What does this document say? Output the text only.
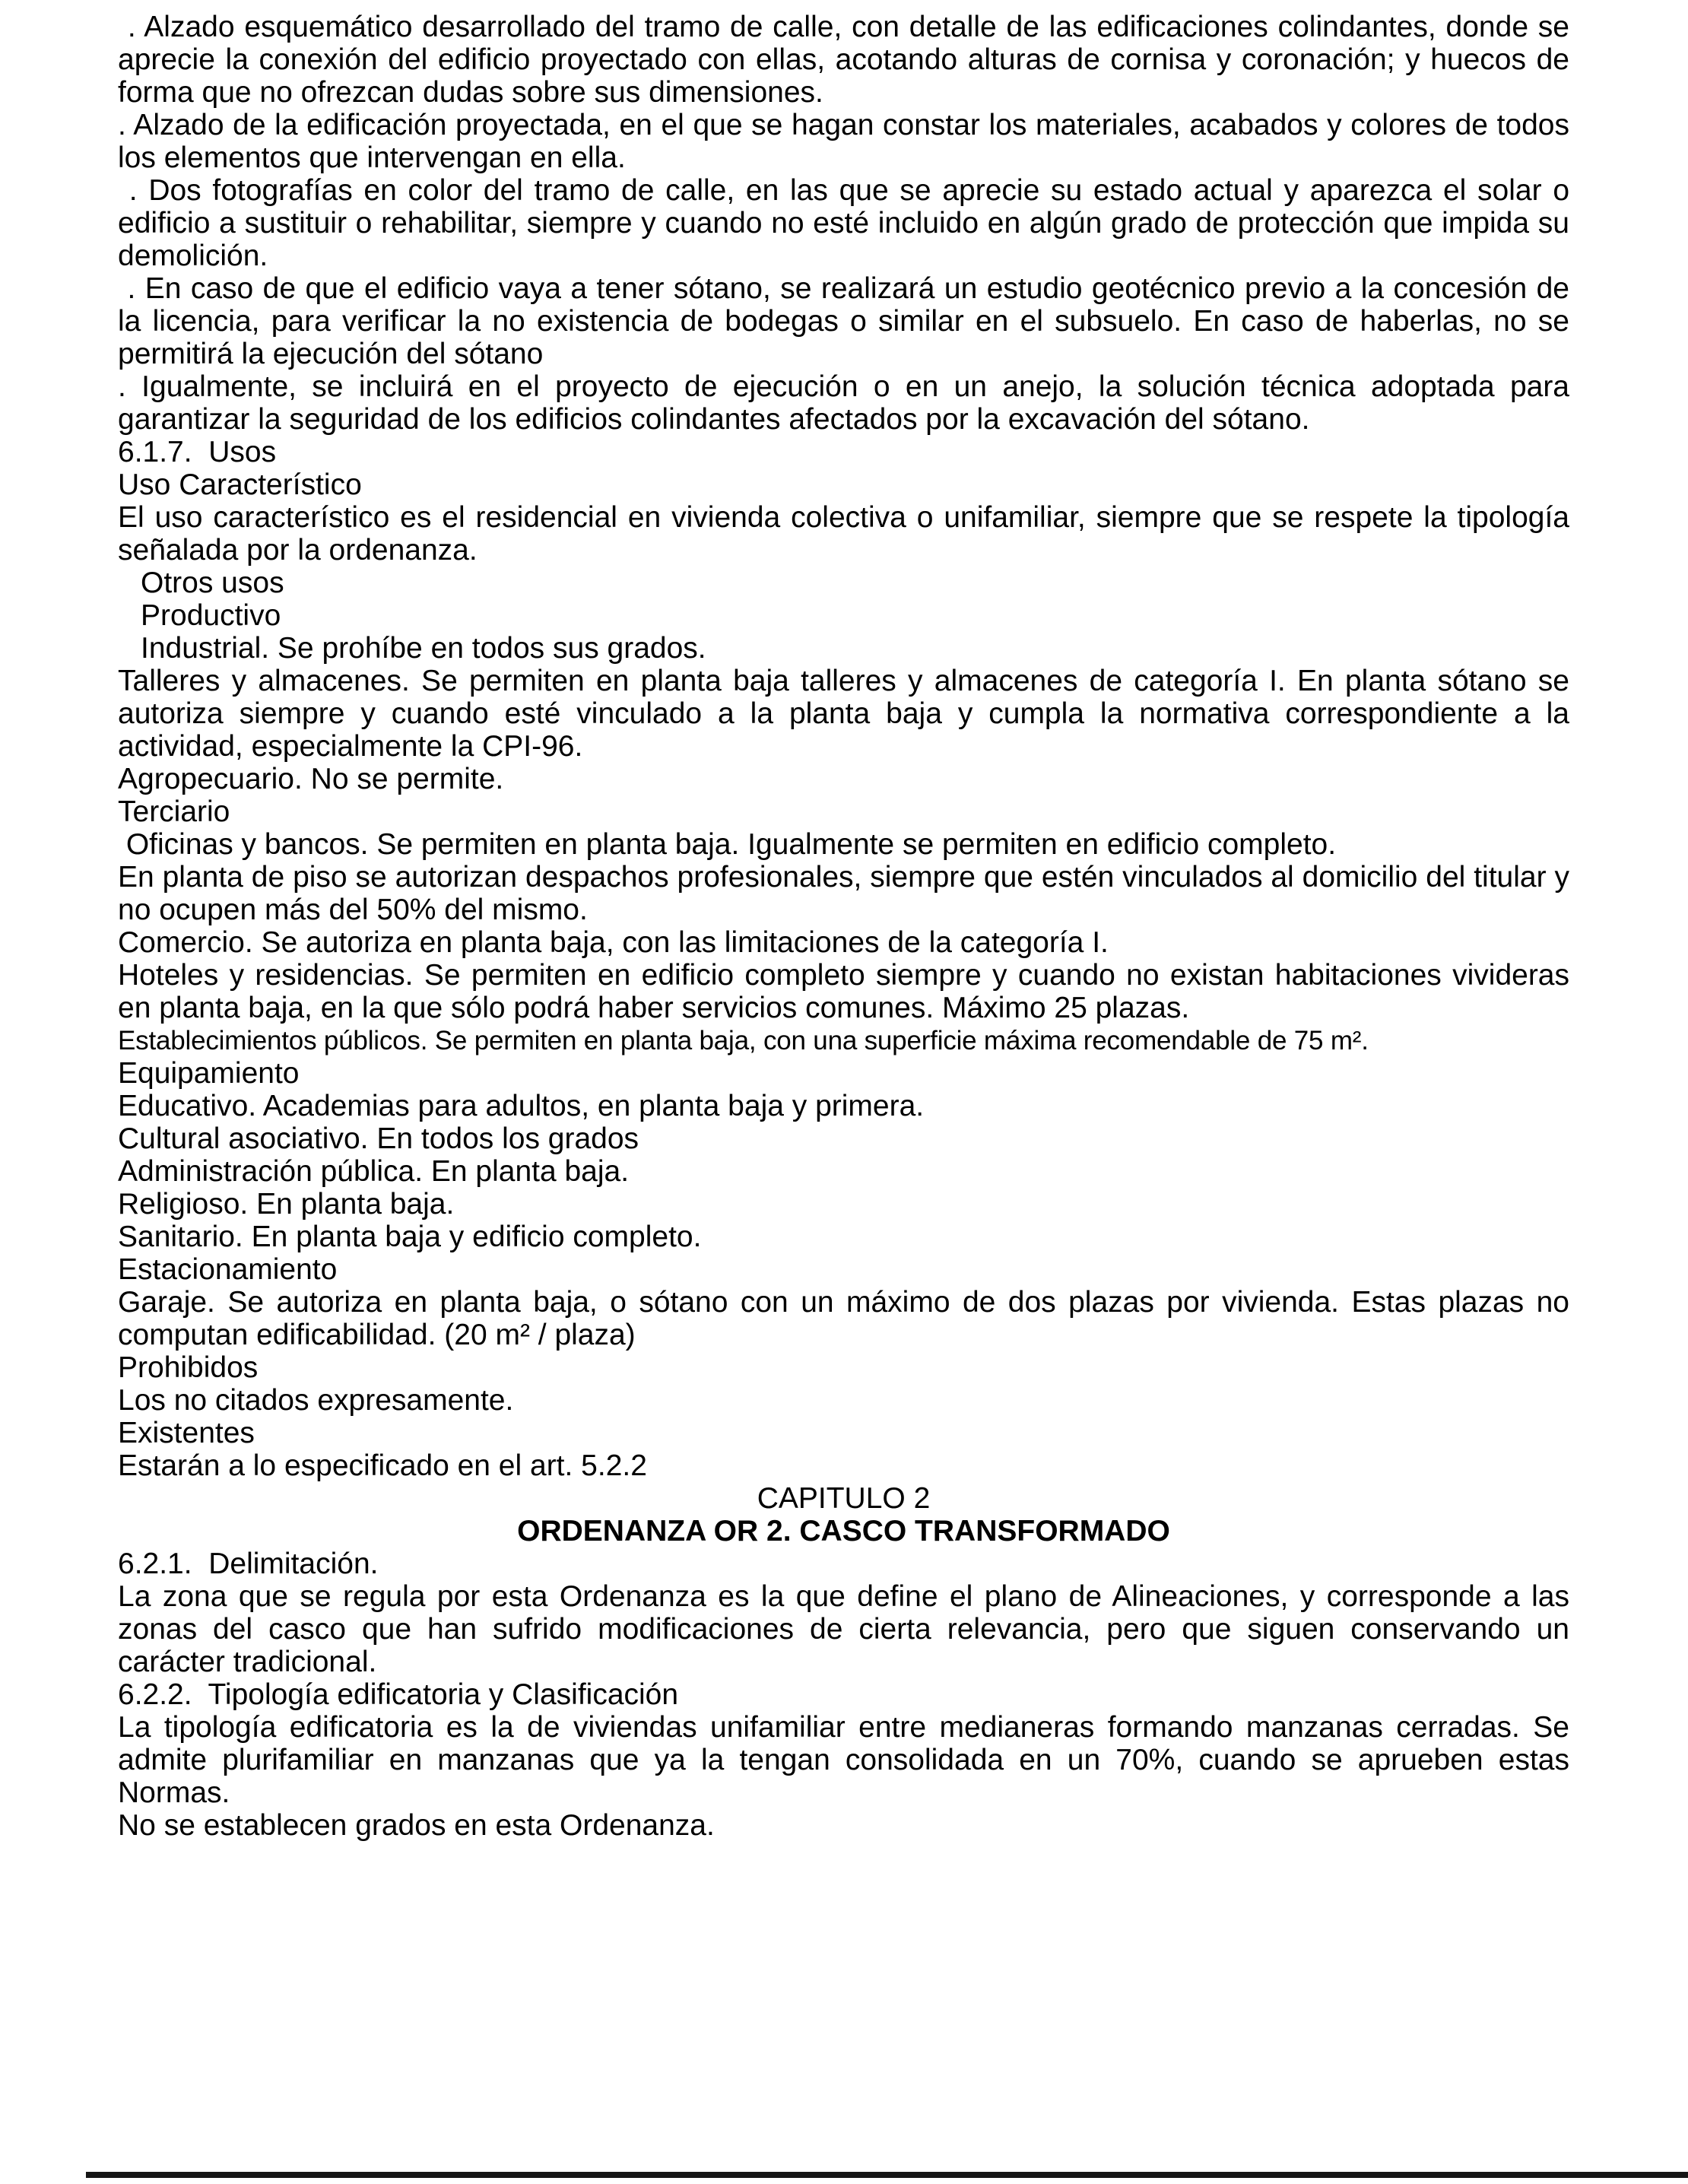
. Alzado esquemático desarrollado del tramo de calle, con detalle de las edificaciones colindantes, donde se aprecie la conexión del edificio proyectado con ellas, acotando alturas de cornisa y coronación; y huecos de forma que no ofrezcan dudas sobre sus dimensiones.

. Alzado de la edificación proyectada, en el que se hagan constar los materiales, acabados y colores de todos los elementos que intervengan en ella.

. Dos fotografías en color del tramo de calle, en las que se aprecie su estado actual y aparezca el solar o edificio a sustituir o rehabilitar, siempre y cuando no esté incluido en algún grado de protección que impida su demolición.

. En caso de que el edificio vaya a tener sótano, se realizará un estudio geotécnico previo a la concesión de la licencia, para verificar la no existencia de bodegas o similar en el subsuelo. En caso de haberlas, no se permitirá la ejecución del sótano

. Igualmente, se incluirá en el proyecto de ejecución o en un anejo, la solución técnica adoptada para garantizar la seguridad de los edificios colindantes afectados por la excavación del sótano.

6.1.7.  Usos

Uso Característico

El uso característico es el residencial en vivienda colectiva o unifamiliar, siempre que se respete la tipología señalada por la ordenanza.

Otros usos

Productivo

Industrial. Se prohíbe en todos sus grados.

Talleres y almacenes. Se permiten en planta baja talleres y almacenes de categoría I. En planta sótano se autoriza siempre y cuando esté vinculado a la planta baja y cumpla la normativa correspondiente a la actividad, especialmente la CPI-96.

Agropecuario. No se permite.

Terciario

Oficinas y bancos. Se permiten en planta baja. Igualmente se permiten en edificio completo.

En planta de piso se autorizan despachos profesionales, siempre que estén vinculados al domicilio del titular y no ocupen más del 50% del mismo.

Comercio. Se autoriza en planta baja, con las limitaciones de la categoría I.

Hoteles y residencias. Se permiten en edificio completo siempre y cuando no existan habitaciones vivideras en planta baja, en la que sólo podrá haber servicios comunes. Máximo 25 plazas.

Establecimientos públicos. Se permiten en planta baja, con una superficie máxima recomendable de 75 m².

Equipamiento

Educativo. Academias para adultos, en planta baja y primera.

Cultural asociativo. En todos los grados

Administración pública. En planta baja.

Religioso. En planta baja.

Sanitario. En planta baja y edificio completo.

Estacionamiento

Garaje. Se autoriza en planta baja, o sótano con un máximo de dos plazas por vivienda. Estas plazas no computan edificabilidad. (20 m² / plaza)

Prohibidos

Los no citados expresamente.

Existentes

Estarán a lo especificado en el art. 5.2.2

CAPITULO 2

ORDENANZA OR 2. CASCO TRANSFORMADO

6.2.1.  Delimitación.

La zona que se regula por esta Ordenanza es la que define el plano de Alineaciones, y corresponde a las zonas del casco que han sufrido modificaciones de cierta relevancia, pero que siguen conservando un carácter tradicional.

6.2.2.  Tipología edificatoria y Clasificación

La tipología edificatoria es la de viviendas unifamiliar entre medianeras formando manzanas cerradas. Se admite plurifamiliar en manzanas que ya la tengan consolidada en un 70%, cuando se aprueben estas Normas.

No se establecen grados en esta Ordenanza.
